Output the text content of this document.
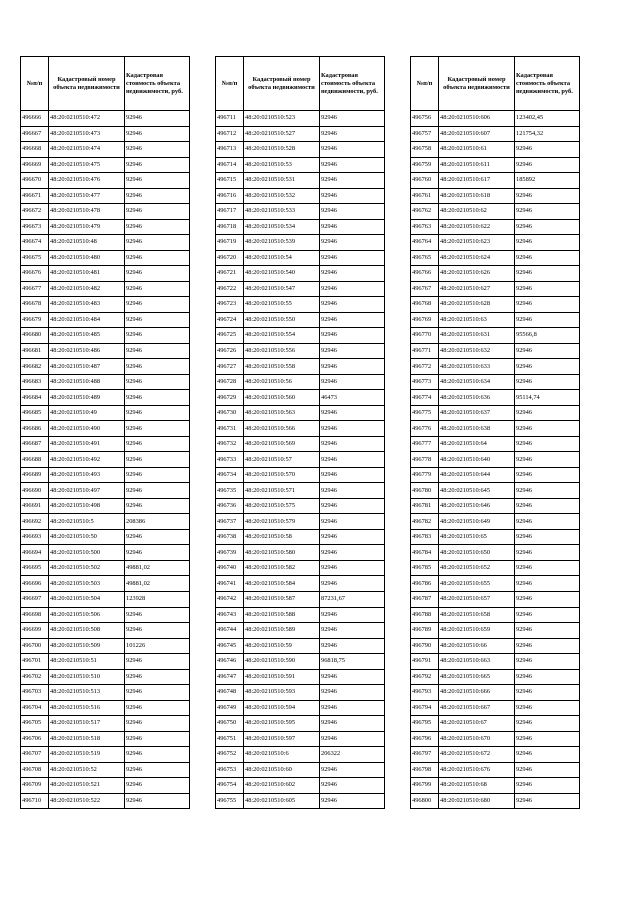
№п/п	Кадастровый номер объекта недвижимости	Кадастровая стоимость объекта недвижимости, руб.
496666	48:20:0210510:472	92946
496667	48:20:0210510:473	92946
496668	48:20:0210510:474	92946
496669	48:20:0210510:475	92946
496670	48:20:0210510:476	92946
496671	48:20:0210510:477	92946
496672	48:20:0210510:478	92946
496673	48:20:0210510:479	92946
496674	48:20:0210510:48	92946
496675	48:20:0210510:480	92946
496676	48:20:0210510:481	92946
496677	48:20:0210510:482	92946
496678	48:20:0210510:483	92946
496679	48:20:0210510:484	92946
496680	48:20:0210510:485	92946
496681	48:20:0210510:486	92946
496682	48:20:0210510:487	92946
496683	48:20:0210510:488	92946
496684	48:20:0210510:489	92946
496685	48:20:0210510:49	92946
496686	48:20:0210510:490	92946
496687	48:20:0210510:491	92946
496688	48:20:0210510:492	92946
496689	48:20:0210510:493	92946
496690	48:20:0210510:497	92946
496691	48:20:0210510:498	92946
496692	48:20:0210510:5	208386
496693	48:20:0210510:50	92946
496694	48:20:0210510:500	92946
496695	48:20:0210510:502	49881,02
496696	48:20:0210510:503	49881,02
496697	48:20:0210510:504	123928
496698	48:20:0210510:506	92946
496699	48:20:0210510:508	92946
496700	48:20:0210510:509	101226
496701	48:20:0210510:51	92946
496702	48:20:0210510:510	92946
496703	48:20:0210510:513	92946
496704	48:20:0210510:516	92946
496705	48:20:0210510:517	92946
496706	48:20:0210510:518	92946
496707	48:20:0210510:519	92946
496708	48:20:0210510:52	92946
496709	48:20:0210510:521	92946
496710	48:20:0210510:522	92946
№п/п	Кадастровый номер объекта недвижимости	Кадастровая стоимость объекта недвижимости, руб.
496711	48:20:0210510:523	92946
496712	48:20:0210510:527	92946
496713	48:20:0210510:528	92946
496714	48:20:0210510:53	92946
496715	48:20:0210510:531	92946
496716	48:20:0210510:532	92946
496717	48:20:0210510:533	92946
496718	48:20:0210510:534	92946
496719	48:20:0210510:539	92946
496720	48:20:0210510:54	92946
496721	48:20:0210510:540	92946
496722	48:20:0210510:547	92946
496723	48:20:0210510:55	92946
496724	48:20:0210510:550	92946
496725	48:20:0210510:554	92946
496726	48:20:0210510:556	92946
496727	48:20:0210510:558	92946
496728	48:20:0210510:56	92946
496729	48:20:0210510:560	46473
496730	48:20:0210510:563	92946
496731	48:20:0210510:566	92946
496732	48:20:0210510:569	92946
496733	48:20:0210510:57	92946
496734	48:20:0210510:570	92946
496735	48:20:0210510:571	92946
496736	48:20:0210510:575	92946
496737	48:20:0210510:579	92946
496738	48:20:0210510:58	92946
496739	48:20:0210510:580	92946
496740	48:20:0210510:582	92946
496741	48:20:0210510:584	92946
496742	48:20:0210510:587	87231,67
496743	48:20:0210510:588	92946
496744	48:20:0210510:589	92946
496745	48:20:0210510:59	92946
496746	48:20:0210510:590	96818,75
496747	48:20:0210510:591	92946
496748	48:20:0210510:593	92946
496749	48:20:0210510:594	92946
496750	48:20:0210510:595	92946
496751	48:20:0210510:597	92946
496752	48:20:0210510:6	206322
496753	48:20:0210510:60	92946
496754	48:20:0210510:602	92946
496755	48:20:0210510:605	92946
№п/п	Кадастровый номер объекта недвижимости	Кадастровая стоимость объекта недвижимости, руб.
496756	48:20:0210510:606	123402,45
496757	48:20:0210510:607	121754,32
496758	48:20:0210510:61	92946
496759	48:20:0210510:611	92946
496760	48:20:0210510:617	185892
496761	48:20:0210510:618	92946
496762	48:20:0210510:62	92946
496763	48:20:0210510:622	92946
496764	48:20:0210510:623	92946
496765	48:20:0210510:624	92946
496766	48:20:0210510:626	92946
496767	48:20:0210510:627	92946
496768	48:20:0210510:628	92946
496769	48:20:0210510:63	92946
496770	48:20:0210510:631	95566,8
496771	48:20:0210510:632	92946
496772	48:20:0210510:633	92946
496773	48:20:0210510:634	92946
496774	48:20:0210510:636	95114,74
496775	48:20:0210510:637	92946
496776	48:20:0210510:638	92946
496777	48:20:0210510:64	92946
496778	48:20:0210510:640	92946
496779	48:20:0210510:644	92946
496780	48:20:0210510:645	92946
496781	48:20:0210510:646	92946
496782	48:20:0210510:649	92946
496783	48:20:0210510:65	92946
496784	48:20:0210510:650	92946
496785	48:20:0210510:652	92946
496786	48:20:0210510:655	92946
496787	48:20:0210510:657	92946
496788	48:20:0210510:658	92946
496789	48:20:0210510:659	92946
496790	48:20:0210510:66	92946
496791	48:20:0210510:663	92946
496792	48:20:0210510:665	92946
496793	48:20:0210510:666	92946
496794	48:20:0210510:667	92946
496795	48:20:0210510:67	92946
496796	48:20:0210510:670	92946
496797	48:20:0210510:672	92946
496798	48:20:0210510:676	92946
496799	48:20:0210510:68	92946
496800	48:20:0210510:680	92946
